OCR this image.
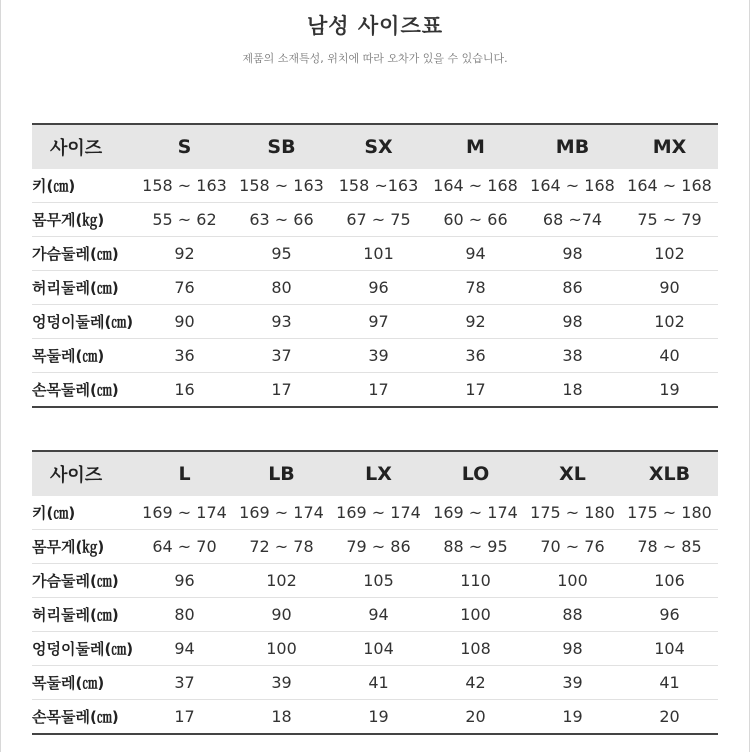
남성 사이즈표
제품의 소재특성, 위치에 따라 오차가 있을 수 있습니다.
사이즈	S	SB	SX	M	MB	MX
키(㎝)	158 ~ 163	158 ~ 163	158 ~163	164 ~ 168	164 ~ 168	164 ~ 168
몸무게(㎏)	55 ~ 62	63 ~ 66	67 ~ 75	60 ~ 66	68 ~74	75 ~ 79
가슴둘레(㎝)	92	95	101	94	98	102
허리둘레(㎝)	76	80	96	78	86	90
엉덩이둘레(㎝)	90	93	97	92	98	102
목둘레(㎝)	36	37	39	36	38	40
손목둘레(㎝)	16	17	17	17	18	19
사이즈	L	LB	LX	LO	XL	XLB
키(㎝)	169 ~ 174	169 ~ 174	169 ~ 174	169 ~ 174	175 ~ 180	175 ~ 180
몸무게(㎏)	64 ~ 70	72 ~ 78	79 ~ 86	88 ~ 95	70 ~ 76	78 ~ 85
가슴둘레(㎝)	96	102	105	110	100	106
허리둘레(㎝)	80	90	94	100	88	96
엉덩이둘레(㎝)	94	100	104	108	98	104
목둘레(㎝)	37	39	41	42	39	41
손목둘레(㎝)	17	18	19	20	19	20
